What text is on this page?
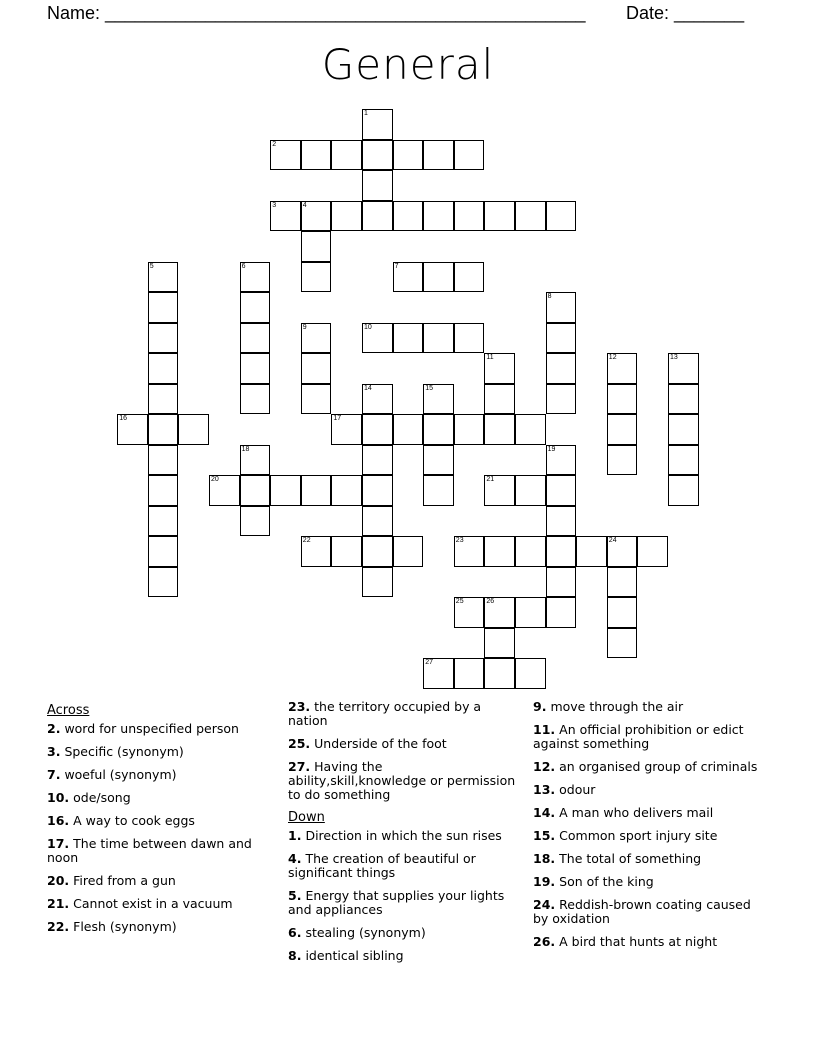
Name: ________________________________________________ Date: _______
General
1
2
3	4
5	6	7
8
9	10
11	12	13
14	15
16	17
18	19
20	21
22	23	24
25	26
27
Across
2. word for unspecified person
3. Specific (synonym)
7. woeful (synonym)
10. ode/song
16. A way to cook eggs
17. The time between dawn and noon
20. Fired from a gun
21. Cannot exist in a vacuum
22. Flesh (synonym)
23. the territory occupied by a nation
25. Underside of the foot
27. Having the ability,skill,knowledge or permission to do something
Down
1. Direction in which the sun rises
4. The creation of beautiful or significant things
5. Energy that supplies your lights and appliances
6. stealing (synonym)
8. identical sibling
9. move through the air
11. An official prohibition or edict against something
12. an organised group of criminals
13. odour
14. A man who delivers mail
15. Common sport injury site
18. The total of something
19. Son of the king
24. Reddish-brown coating caused by oxidation
26. A bird that hunts at night
